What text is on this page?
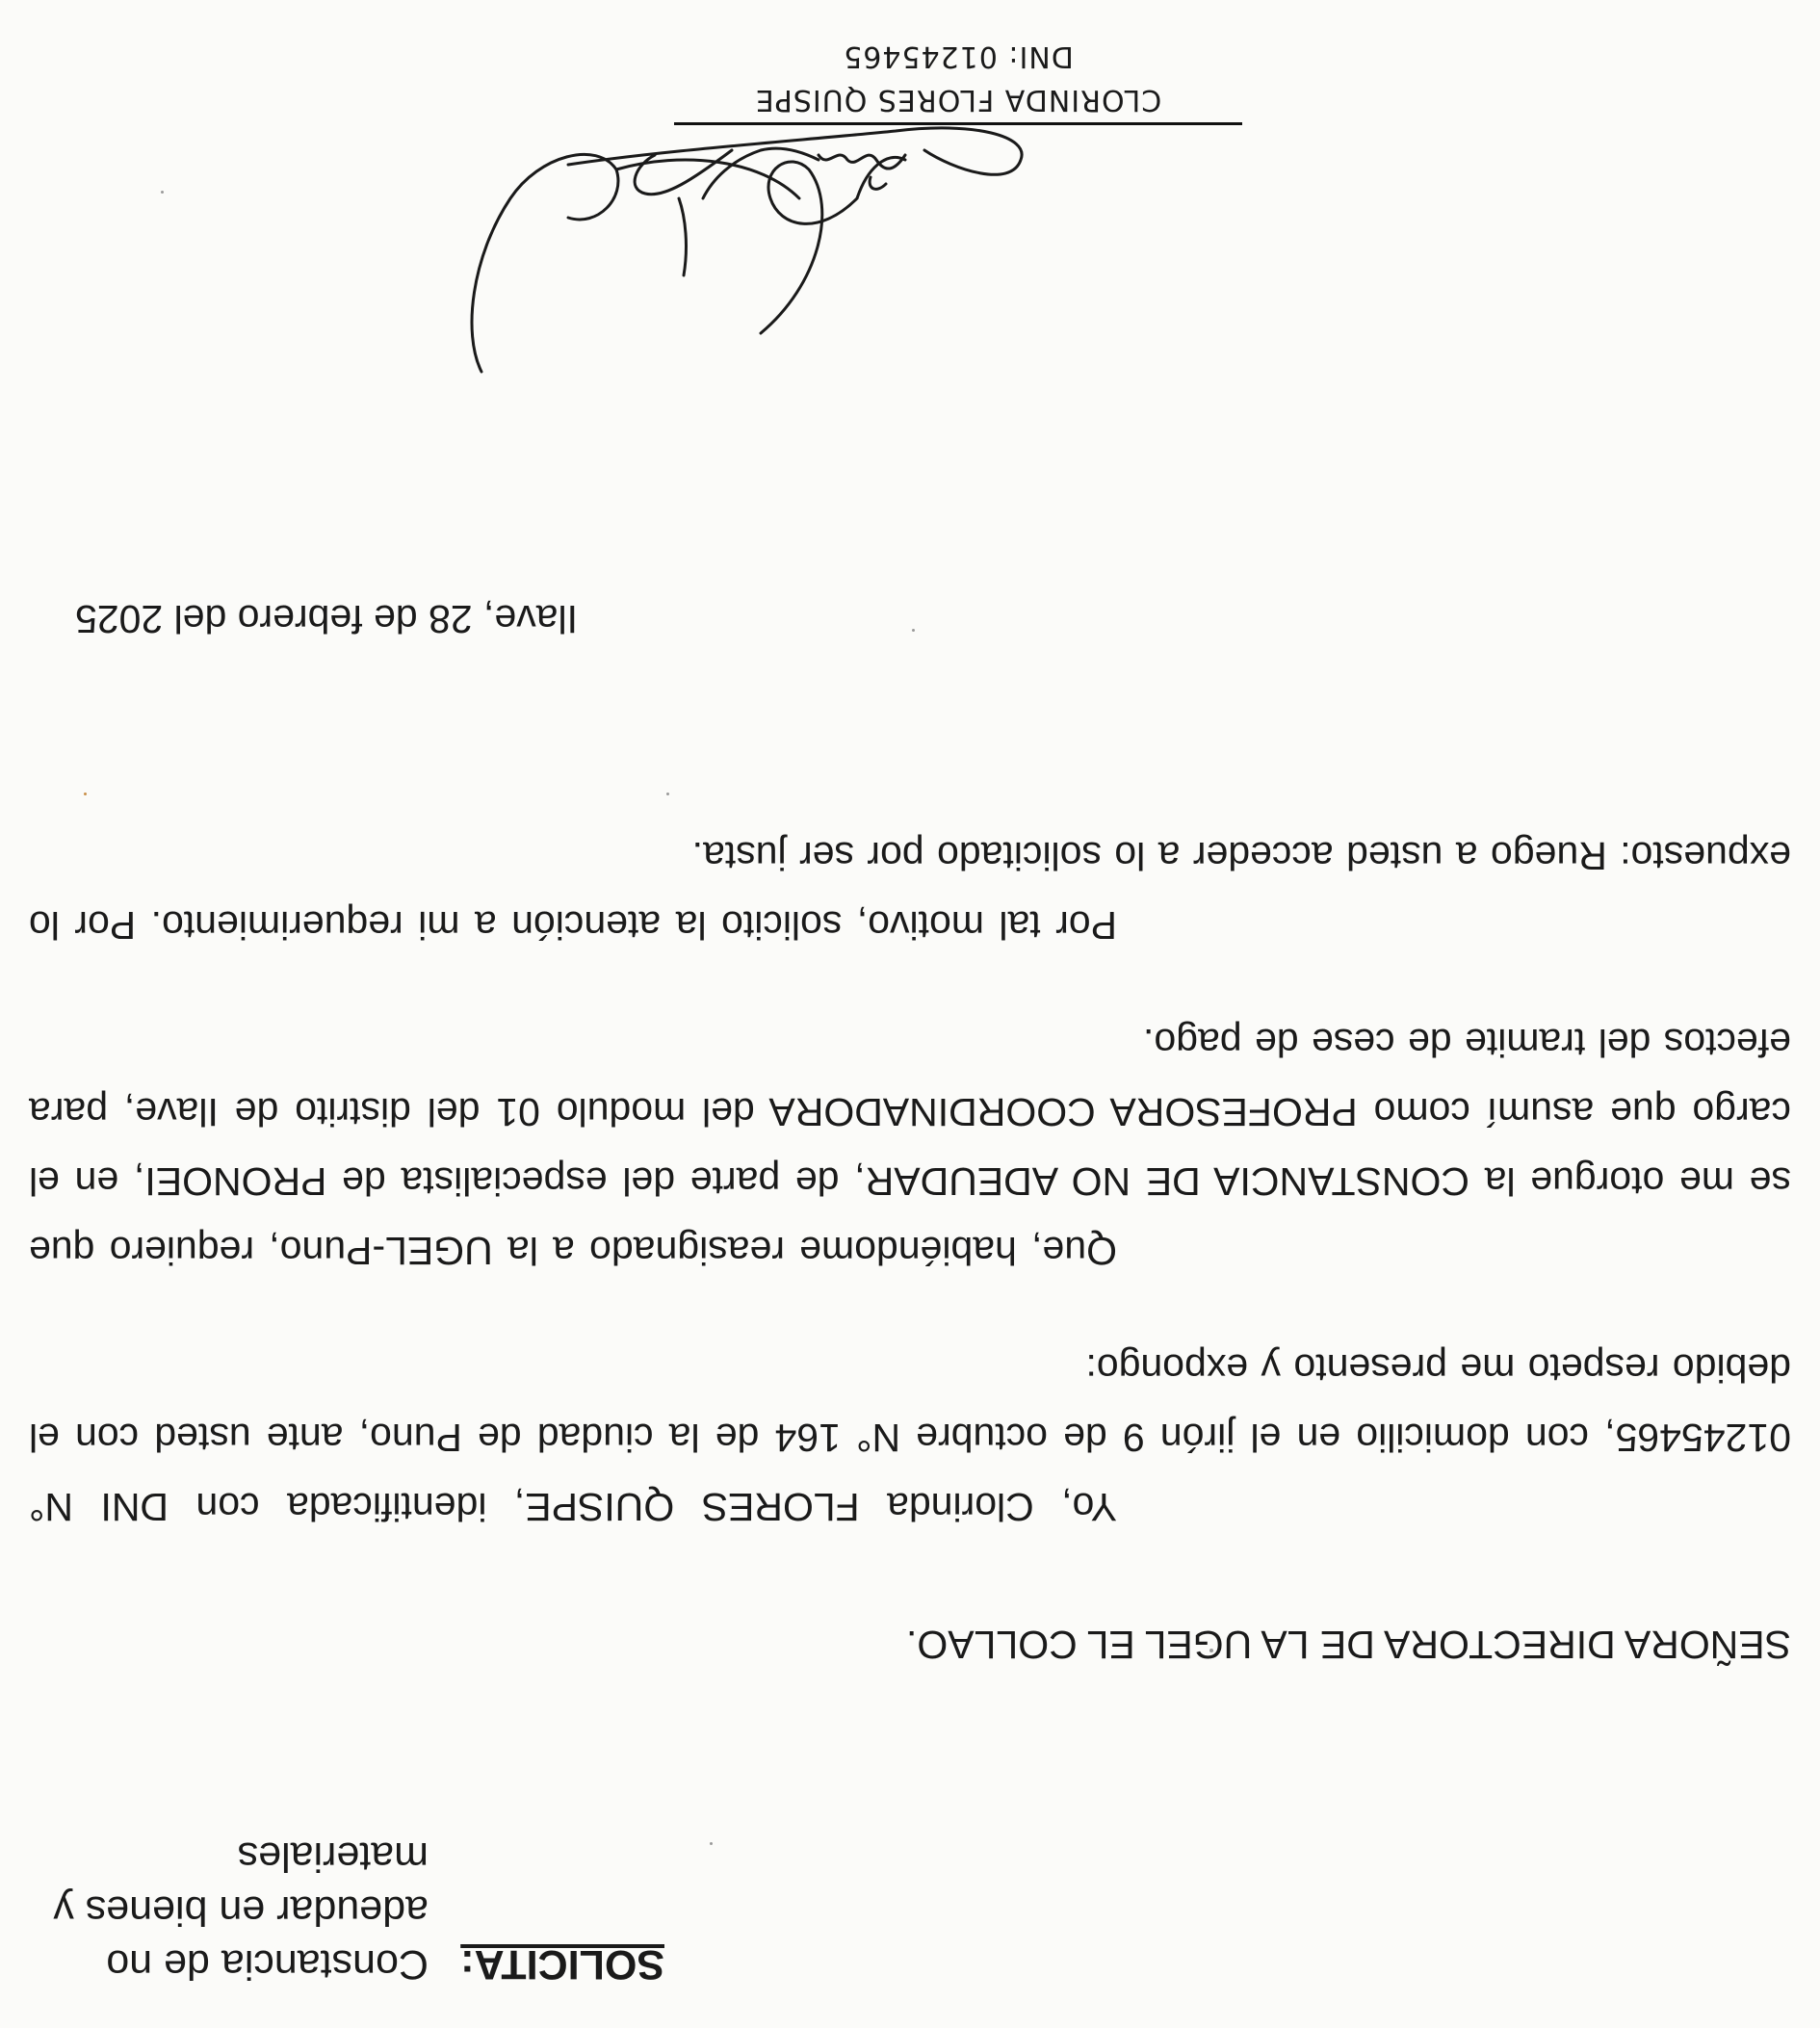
SOLICITA:
Constancia de no
adeudar en bienes y
materiales
SEÑORA DIRECTORA DE LA UGEL EL COLLAO.

Yo, Clorinda FLORES QUISPE, identificada con DNI N° 01245465, con domicilio en el jirón 9 de octubre N° 164 de la ciudad de Puno, ante usted con el debido respeto me presento y expongo:

Que, habiéndome reasignado a la UGEL-Puno, requiero que se me otorgue la CONSTANCIA DE NO ADEUDAR, de parte del especialista de PRONOEI, en el cargo que asumí como PROFESORA COORDINADORA del modulo 01 del distrito de Ilave, para efectos del tramite de cese de pago.

Por tal motivo, solicito la atención a mi requerimiento. Por lo expuesto: Ruego a usted acceder a lo solicitado por ser justa.

Ilave, 28 de febrero del 2025
CLORINDA FLORES QUISPE
DNI: 01245465
